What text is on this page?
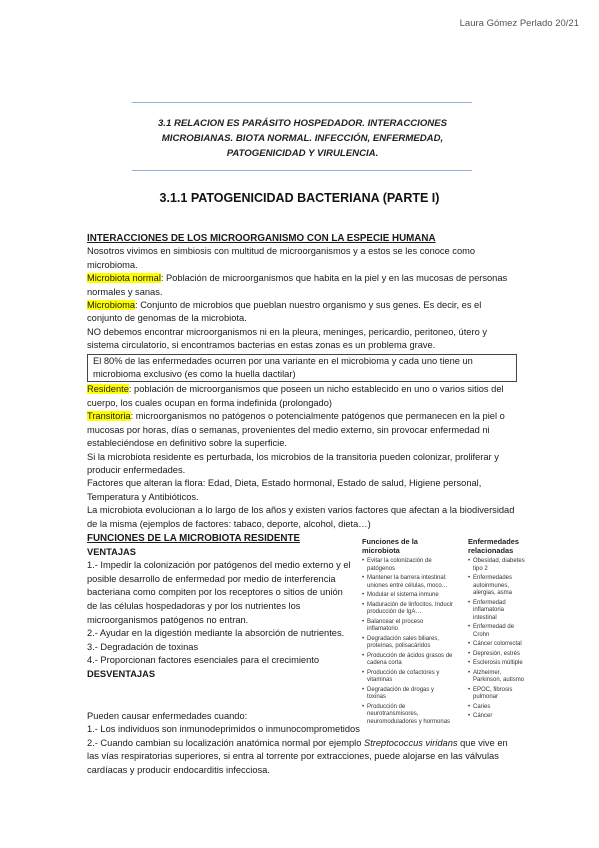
Laura Gómez Perlado 20/21
3.1 RELACION ES PARÁSITO HOSPEDADOR. INTERACCIONES
MICROBIANAS. BIOTA NORMAL. INFECCIÓN, ENFERMEDAD,
PATOGENICIDAD Y VIRULENCIA.
3.1.1 PATOGENICIDAD BACTERIANA (PARTE I)
INTERACCIONES DE LOS MICROORGANISMO CON LA ESPECIE HUMANA
Nosotros vivimos en simbiosis con multitud de microorganismos y a estos se les conoce como microbioma.
Microbiota normal: Población de microorganismos que habita en la piel y en las mucosas de personas normales y sanas.
Microbioma: Conjunto de microbios que pueblan nuestro organismo y sus genes. Es decir, es el conjunto de genomas de la microbiota.
NO debemos encontrar microorganismos ni en la pleura, meninges, pericardio, peritoneo, útero y sistema circulatorio, si encontramos bacterias en estas zonas es un problema grave.
El 80% de las enfermedades ocurren por una variante en el microbioma y cada uno tiene un microbioma exclusivo (es como la huella dactilar)
Residente: población de microorganismos que poseen un nicho establecido en uno o varios sitios del cuerpo, los cuales ocupan en forma indefinida (prolongado)
Transitoria: microorganismos no patógenos o potencialmente patógenos que permanecen en la piel o mucosas por horas, días o semanas, provenientes del medio externo, sin provocar enfermedad ni estableciéndose en definitivo sobre la superficie.
Si la microbiota residente es perturbada, los microbios de la transitoria pueden colonizar, proliferar y producir enfermedades.
Factores que alteran la flora: Edad, Dieta, Estado hormonal, Estado de salud, Higiene personal, Temperatura y Antibióticos.
La microbiota evolucionan a lo largo de los años y existen varios factores que afectan a la biodiversidad de la misma (ejemplos de factores: tabaco, deporte, alcohol, dieta…)
FUNCIONES DE LA MICROBIOTA RESIDENTE
VENTAJAS
1.- Impedir la colonización por patógenos del medio externo y el posible desarrollo de enfermedad por medio de interferencia bacteriana como compiten por los receptores o sitios de unión de las células hospedadoras y por los nutrientes los microorganismos patógenos no entran.
2.- Ayudar en la digestión mediante la absorción de nutrientes.
3.- Degradación de toxinas
4.- Proporcionan factores esenciales para el crecimiento
DESVENTAJAS
Funciones de la microbiota
• Evitar la colonización de patógenos
• Mantener la barrera intestinal: uniones entre células, moco…
• Modular el sistema inmune
• Maduración de linfocitos. Inducir producción de IgA…
• Balancear el proceso inflamatorio
• Degradación sales biliares, proteínas, polisacáridos
• Producción de ácidos grasos de cadena corta
• Producción de cofactores y vitaminas
• Degradación de drogas y toxinas
• Producción de neurotransmisores, neuromoduladores y hormonas
Enfermedades relacionadas
• Obesidad, diabetes tipo 2
• Enfermedades autoinmunes, alergias, asma
• Enfermedad inflamatoria intestinal
• Enfermedad de Crohn
• Cáncer colorrectal
• Depresión, estrés
• Esclerosis múltiple
• Alzheimer, Parkinson, autismo
• EPOC, fibrosis pulmonar
• Caries
• Cáncer
Pueden causar enfermedades cuando:
1.- Los individuos son inmunodeprimidos o inmunocomprometidos
2.- Cuando cambian su localización anatómica normal por ejemplo Streptococcus viridans que vive en las vías respiratorias superiores, si entra al torrente por extracciones, puede alojarse en las válvulas cardíacas y producir endocarditis infecciosa.
